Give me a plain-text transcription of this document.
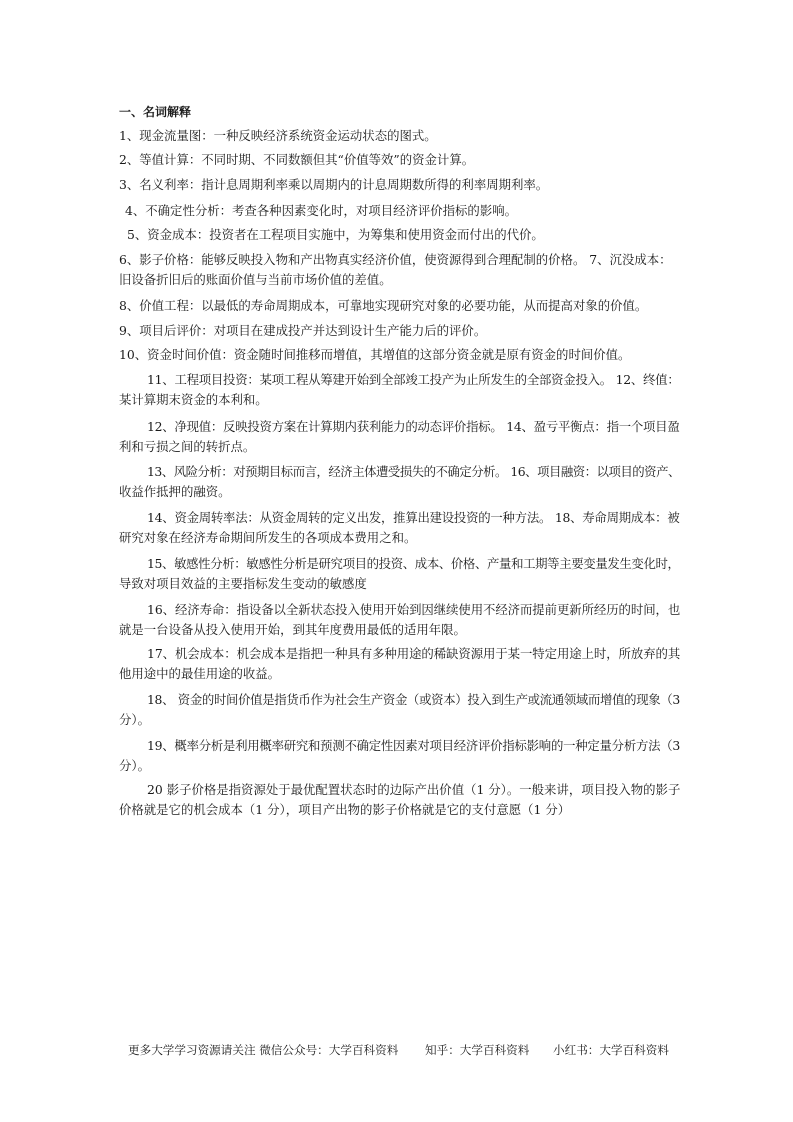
一、名词解释
1、现金流量图：一种反映经济系统资金运动状态的图式。
2、等值计算：不同时期、不同数额但其“价值等效”的资金计算。
3、名义利率：指计息周期利率乘以周期内的计息周期数所得的利率周期利率。
4、不确定性分析：考查各种因素变化时，对项目经济评价指标的影响。
5、资金成本：投资者在工程项目实施中，为筹集和使用资金而付出的代价。
6、影子价格：能够反映投入物和产出物真实经济价值，使资源得到合理配制的价格。 7、沉没成本：
旧设备折旧后的账面价值与当前市场价值的差值。
8、价值工程：以最低的寿命周期成本，可靠地实现研究对象的必要功能，从而提高对象的价值。
9、项目后评价：对项目在建成投产并达到设计生产能力后的评价。
10、资金时间价值：资金随时间推移而增值，其增值的这部分资金就是原有资金的时间价值。
11、工程项目投资：某项工程从筹建开始到全部竣工投产为止所发生的全部资金投入。 12、终值：
某计算期末资金的本利和。
12、净现值：反映投资方案在计算期内获利能力的动态评价指标。 14、盈亏平衡点：指一个项目盈
利和亏损之间的转折点。
13、风险分析：对预期目标而言，经济主体遭受损失的不确定分析。 16、项目融资：以项目的资产、
收益作抵押的融资。
14、资金周转率法：从资金周转的定义出发，推算出建设投资的一种方法。 18、寿命周期成本：被
研究对象在经济寿命期间所发生的各项成本费用之和。
15、敏感性分析：敏感性分析是研究项目的投资、成本、价格、产量和工期等主要变量发生变化时，
导致对项目效益的主要指标发生变动的敏感度
16、经济寿命：指设备以全新状态投入使用开始到因继续使用不经济而提前更新所经历的时间，也
就是一台设备从投入使用开始，到其年度费用最低的适用年限。
17、机会成本：机会成本是指把一种具有多种用途的稀缺资源用于某一特定用途上时，所放弃的其
他用途中的最佳用途的收益。
18、 资金的时间价值是指货币作为社会生产资金（或资本）投入到生产或流通领域而增值的现象（3
分）。
19、概率分析是利用概率研究和预测不确定性因素对项目经济评价指标影响的一种定量分析方法（3
分）。
20 影子价格是指资源处于最优配置状态时的边际产出价值（1 分）。一般来讲，项目投入物的影子
价格就是它的机会成本（1 分），项目产出物的影子价格就是它的支付意愿（1 分）
更多大学学习资源请关注 微信公众号：大学百科资料 知乎：大学百科资料 小红书：大学百科资料
